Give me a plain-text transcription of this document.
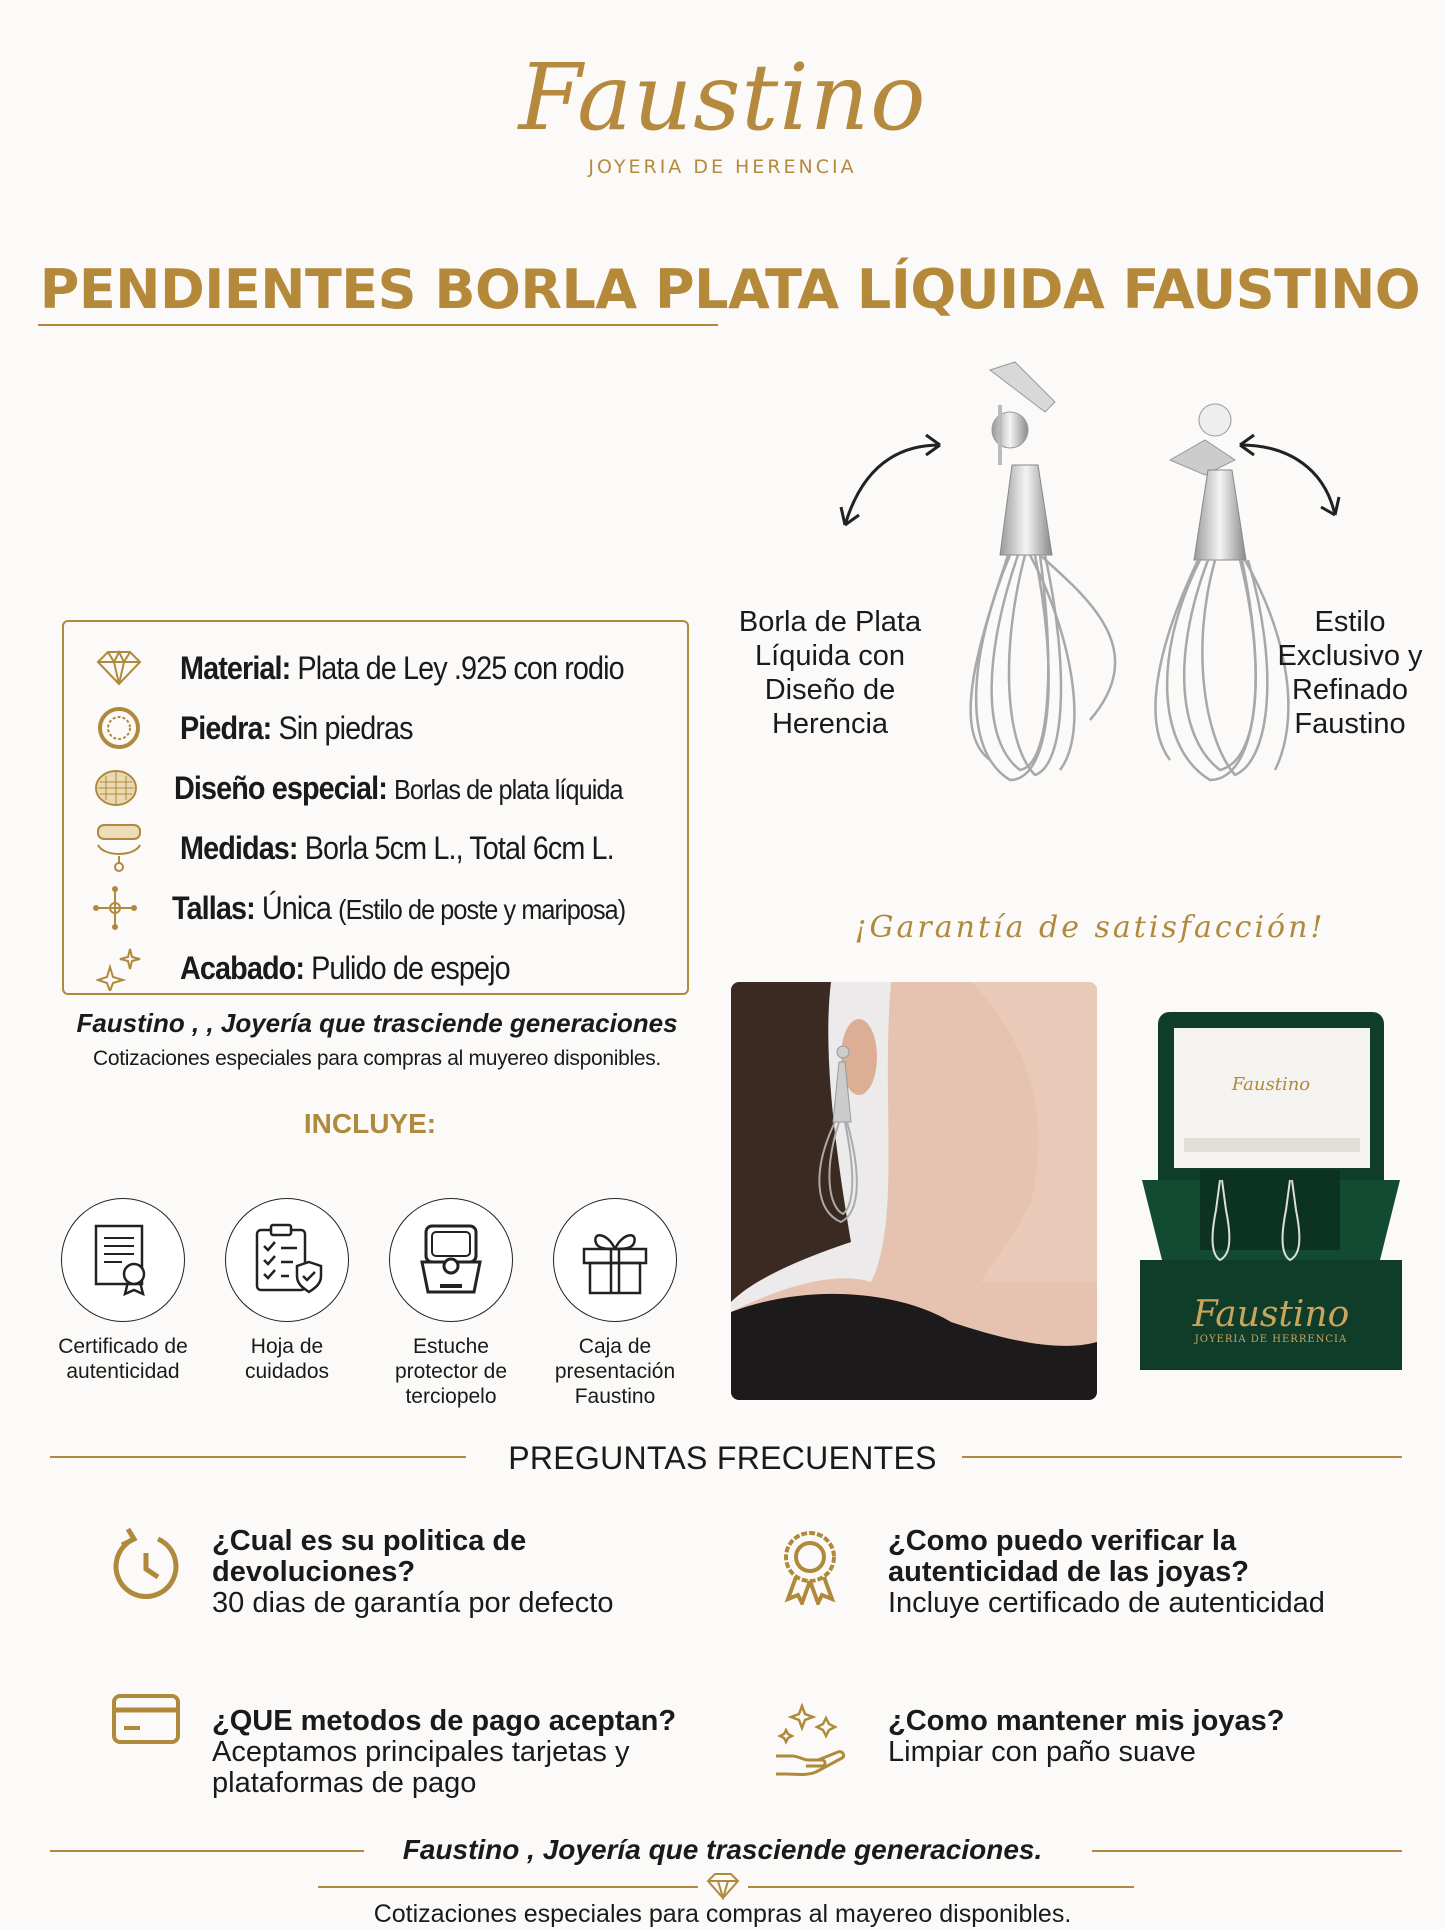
Faustino
JOYERIA DE HERENCIA
PENDIENTES BORLA PLATA LÍQUIDA FAUSTINO
Borla de Plata Líquida con Diseño de Herencia
Estilo Exclusivo y Refinado Faustino
Material: Plata de Ley .925 con rodio
Piedra: Sin piedras
Diseño especial: Borlas de plata líquida
Medidas: Borla 5cm L., Total 6cm L.
Tallas: Única (Estilo de poste y mariposa)
Acabado: Pulido de espejo
Faustino , , Joyería que trasciende generaciones
Cotizaciones especiales para compras al muyereo disponibles.
INCLUYE:
Certificado de autenticidad
Hoja de cuidados
Estuche protector de terciopelo
Caja de presentación Faustino
¡Garantía de satisfacción!
Faustino
Faustino
JOYERIA DE HERRENCIA
PREGUNTAS FRECUENTES
¿Cual es su politica de devoluciones?
30 dias de garantía por defecto
¿Como puedo verificar la autenticidad de las joyas?
Incluye certificado de autenticidad
¿QUE metodos de pago aceptan?
Aceptamos principales tarjetas y plataformas de pago
¿Como mantener mis joyas?
Limpiar con paño suave
Faustino , Joyería que trasciende generaciones.
Cotizaciones especiales para compras al mayereo disponibles.
